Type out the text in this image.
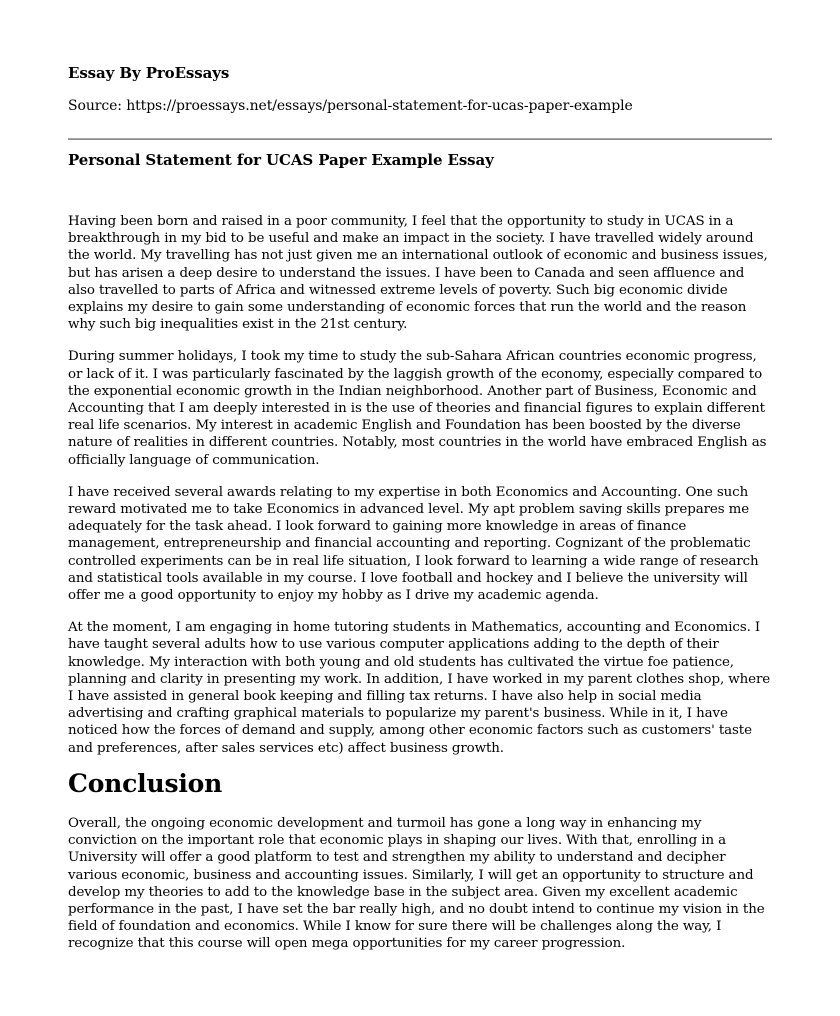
Essay By ProEssays
Source: https://proessays.net/essays/personal-statement-for-ucas-paper-example
Personal Statement for UCAS Paper Example Essay

Having been born and raised in a poor community, I feel that the opportunity to study in UCAS in a breakthrough in my bid to be useful and make an impact in the society. I have travelled widely around the world. My travelling has not just given me an international outlook of economic and business issues, but has arisen a deep desire to understand the issues. I have been to Canada and seen affluence and also travelled to parts of Africa and witnessed extreme levels of poverty. Such big economic divide explains my desire to gain some understanding of economic forces that run the world and the reason why such big inequalities exist in the 21st century.

During summer holidays, I took my time to study the sub-Sahara African countries economic progress, or lack of it. I was particularly fascinated by the laggish growth of the economy, especially compared to the exponential economic growth in the Indian neighborhood. Another part of Business, Economic and Accounting that I am deeply interested in is the use of theories and financial figures to explain different real life scenarios. My interest in academic English and Foundation has been boosted by the diverse nature of realities in different countries. Notably, most countries in the world have embraced English as officially language of communication.

I have received several awards relating to my expertise in both Economics and Accounting. One such reward motivated me to take Economics in advanced level. My apt problem saving skills prepares me adequately for the task ahead. I look forward to gaining more knowledge in areas of finance management, entrepreneurship and financial accounting and reporting. Cognizant of the problematic controlled experiments can be in real life situation, I look forward to learning a wide range of research and statistical tools available in my course. I love football and hockey and I believe the university will offer me a good opportunity to enjoy my hobby as I drive my academic agenda.

At the moment, I am engaging in home tutoring students in Mathematics, accounting and Economics. I have taught several adults how to use various computer applications adding to the depth of their knowledge. My interaction with both young and old students has cultivated the virtue foe patience, planning and clarity in presenting my work. In addition, I have worked in my parent clothes shop, where I have assisted in general book keeping and filling tax returns. I have also help in social media advertising and crafting graphical materials to popularize my parent's business. While in it, I have noticed how the forces of demand and supply, among other economic factors such as customers' taste and preferences, after sales services etc) affect business growth.

Conclusion

Overall, the ongoing economic development and turmoil has gone a long way in enhancing my conviction on the important role that economic plays in shaping our lives. With that, enrolling in a University will offer a good platform to test and strengthen my ability to understand and decipher various economic, business and accounting issues. Similarly, I will get an opportunity to structure and develop my theories to add to the knowledge base in the subject area. Given my excellent academic performance in the past, I have set the bar really high, and no doubt intend to continue my vision in the field of foundation and economics. While I know for sure there will be challenges along the way, I recognize that this course will open mega opportunities for my career progression.
